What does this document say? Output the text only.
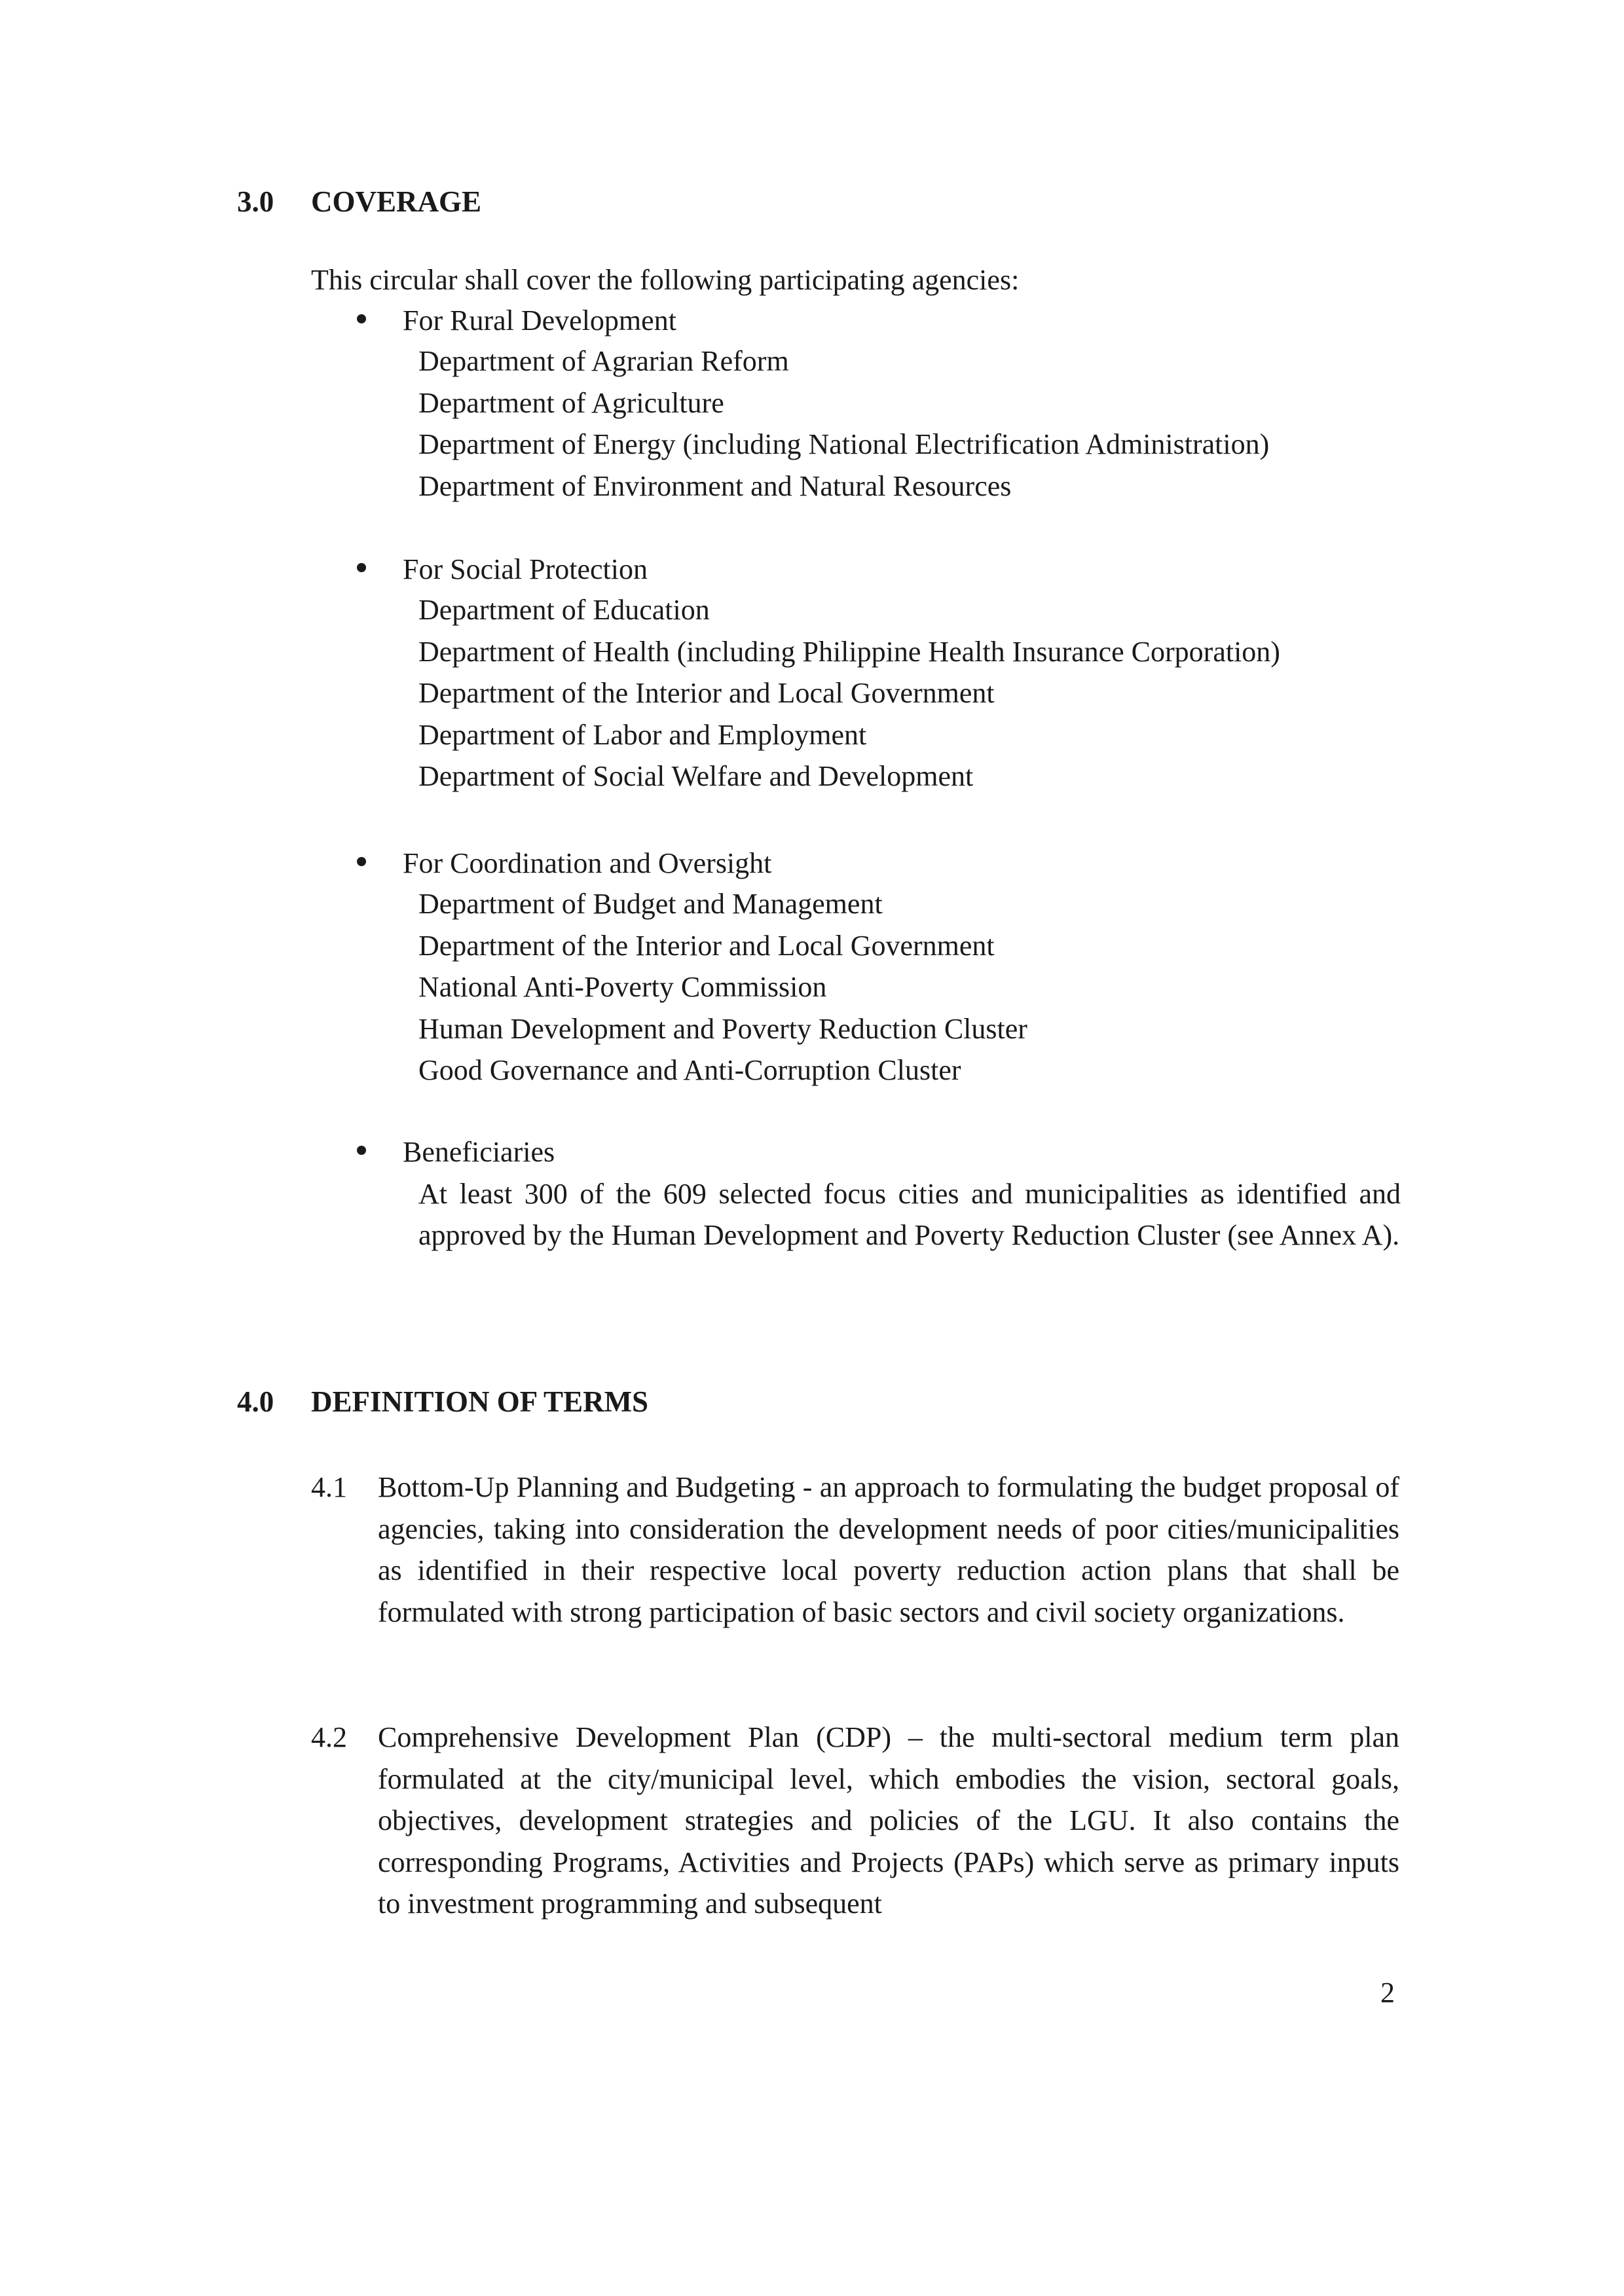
3.0 COVERAGE
This circular shall cover the following participating agencies:
For Rural Development
Department of Agrarian Reform
Department of Agriculture
Department of Energy (including National Electrification Administration)
Department of Environment and Natural Resources
For Social Protection
Department of Education
Department of Health (including Philippine Health Insurance Corporation)
Department of the Interior and Local Government
Department of Labor and Employment
Department of Social Welfare and Development
For Coordination and Oversight
Department of Budget and Management
Department of the Interior and Local Government
National Anti-Poverty Commission
Human Development and Poverty Reduction Cluster
Good Governance and Anti-Corruption Cluster
Beneficiaries
At least 300 of the 609 selected focus cities and municipalities as identified and approved by the Human Development and Poverty Reduction Cluster (see Annex A).
4.0 DEFINITION OF TERMS
4.1 Bottom-Up Planning and Budgeting - an approach to formulating the budget proposal of agencies, taking into consideration the development needs of poor cities/municipalities as identified in their respective local poverty reduction action plans that shall be formulated with strong participation of basic sectors and civil society organizations.
4.2 Comprehensive Development Plan (CDP) – the multi-sectoral medium term plan formulated at the city/municipal level, which embodies the vision, sectoral goals, objectives, development strategies and policies of the LGU. It also contains the corresponding Programs, Activities and Projects (PAPs) which serve as primary inputs to investment programming and subsequent
2
